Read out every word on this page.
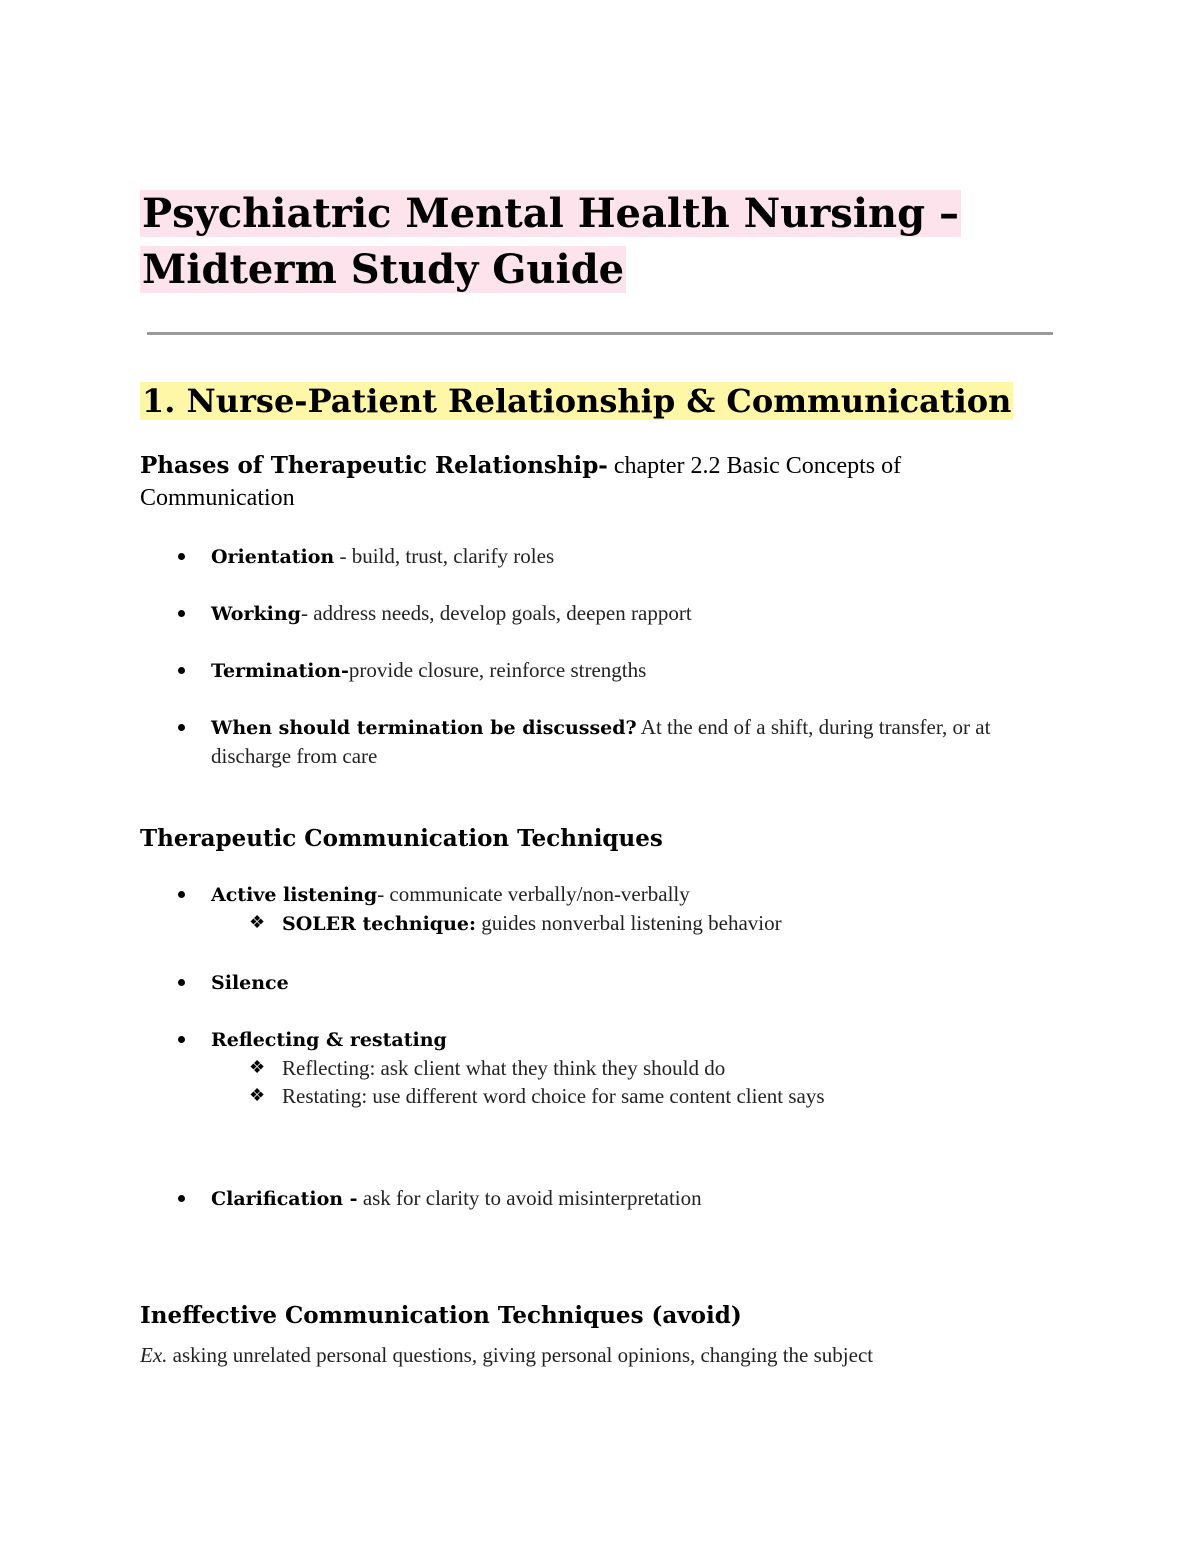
Psychiatric Mental Health Nursing –
Midterm Study Guide
1. Nurse-Patient Relationship & Communication
Phases of Therapeutic Relationship- chapter 2.2 Basic Concepts of
Communication
Orientation - build, trust, clarify roles
Working- address needs, develop goals, deepen rapport
Termination-provide closure, reinforce strengths
When should termination be discussed? At the end of a shift, during transfer, or at discharge from care
Therapeutic Communication Techniques
Active listening- communicate verbally/non-verbally
❖ SOLER technique: guides nonverbal listening behavior
Silence
Reflecting & restating
❖ Reflecting: ask client what they think they should do
❖ Restating: use different word choice for same content client says
Clarification - ask for clarity to avoid misinterpretation
Ineffective Communication Techniques (avoid)

Ex. asking unrelated personal questions, giving personal opinions, changing the subject
